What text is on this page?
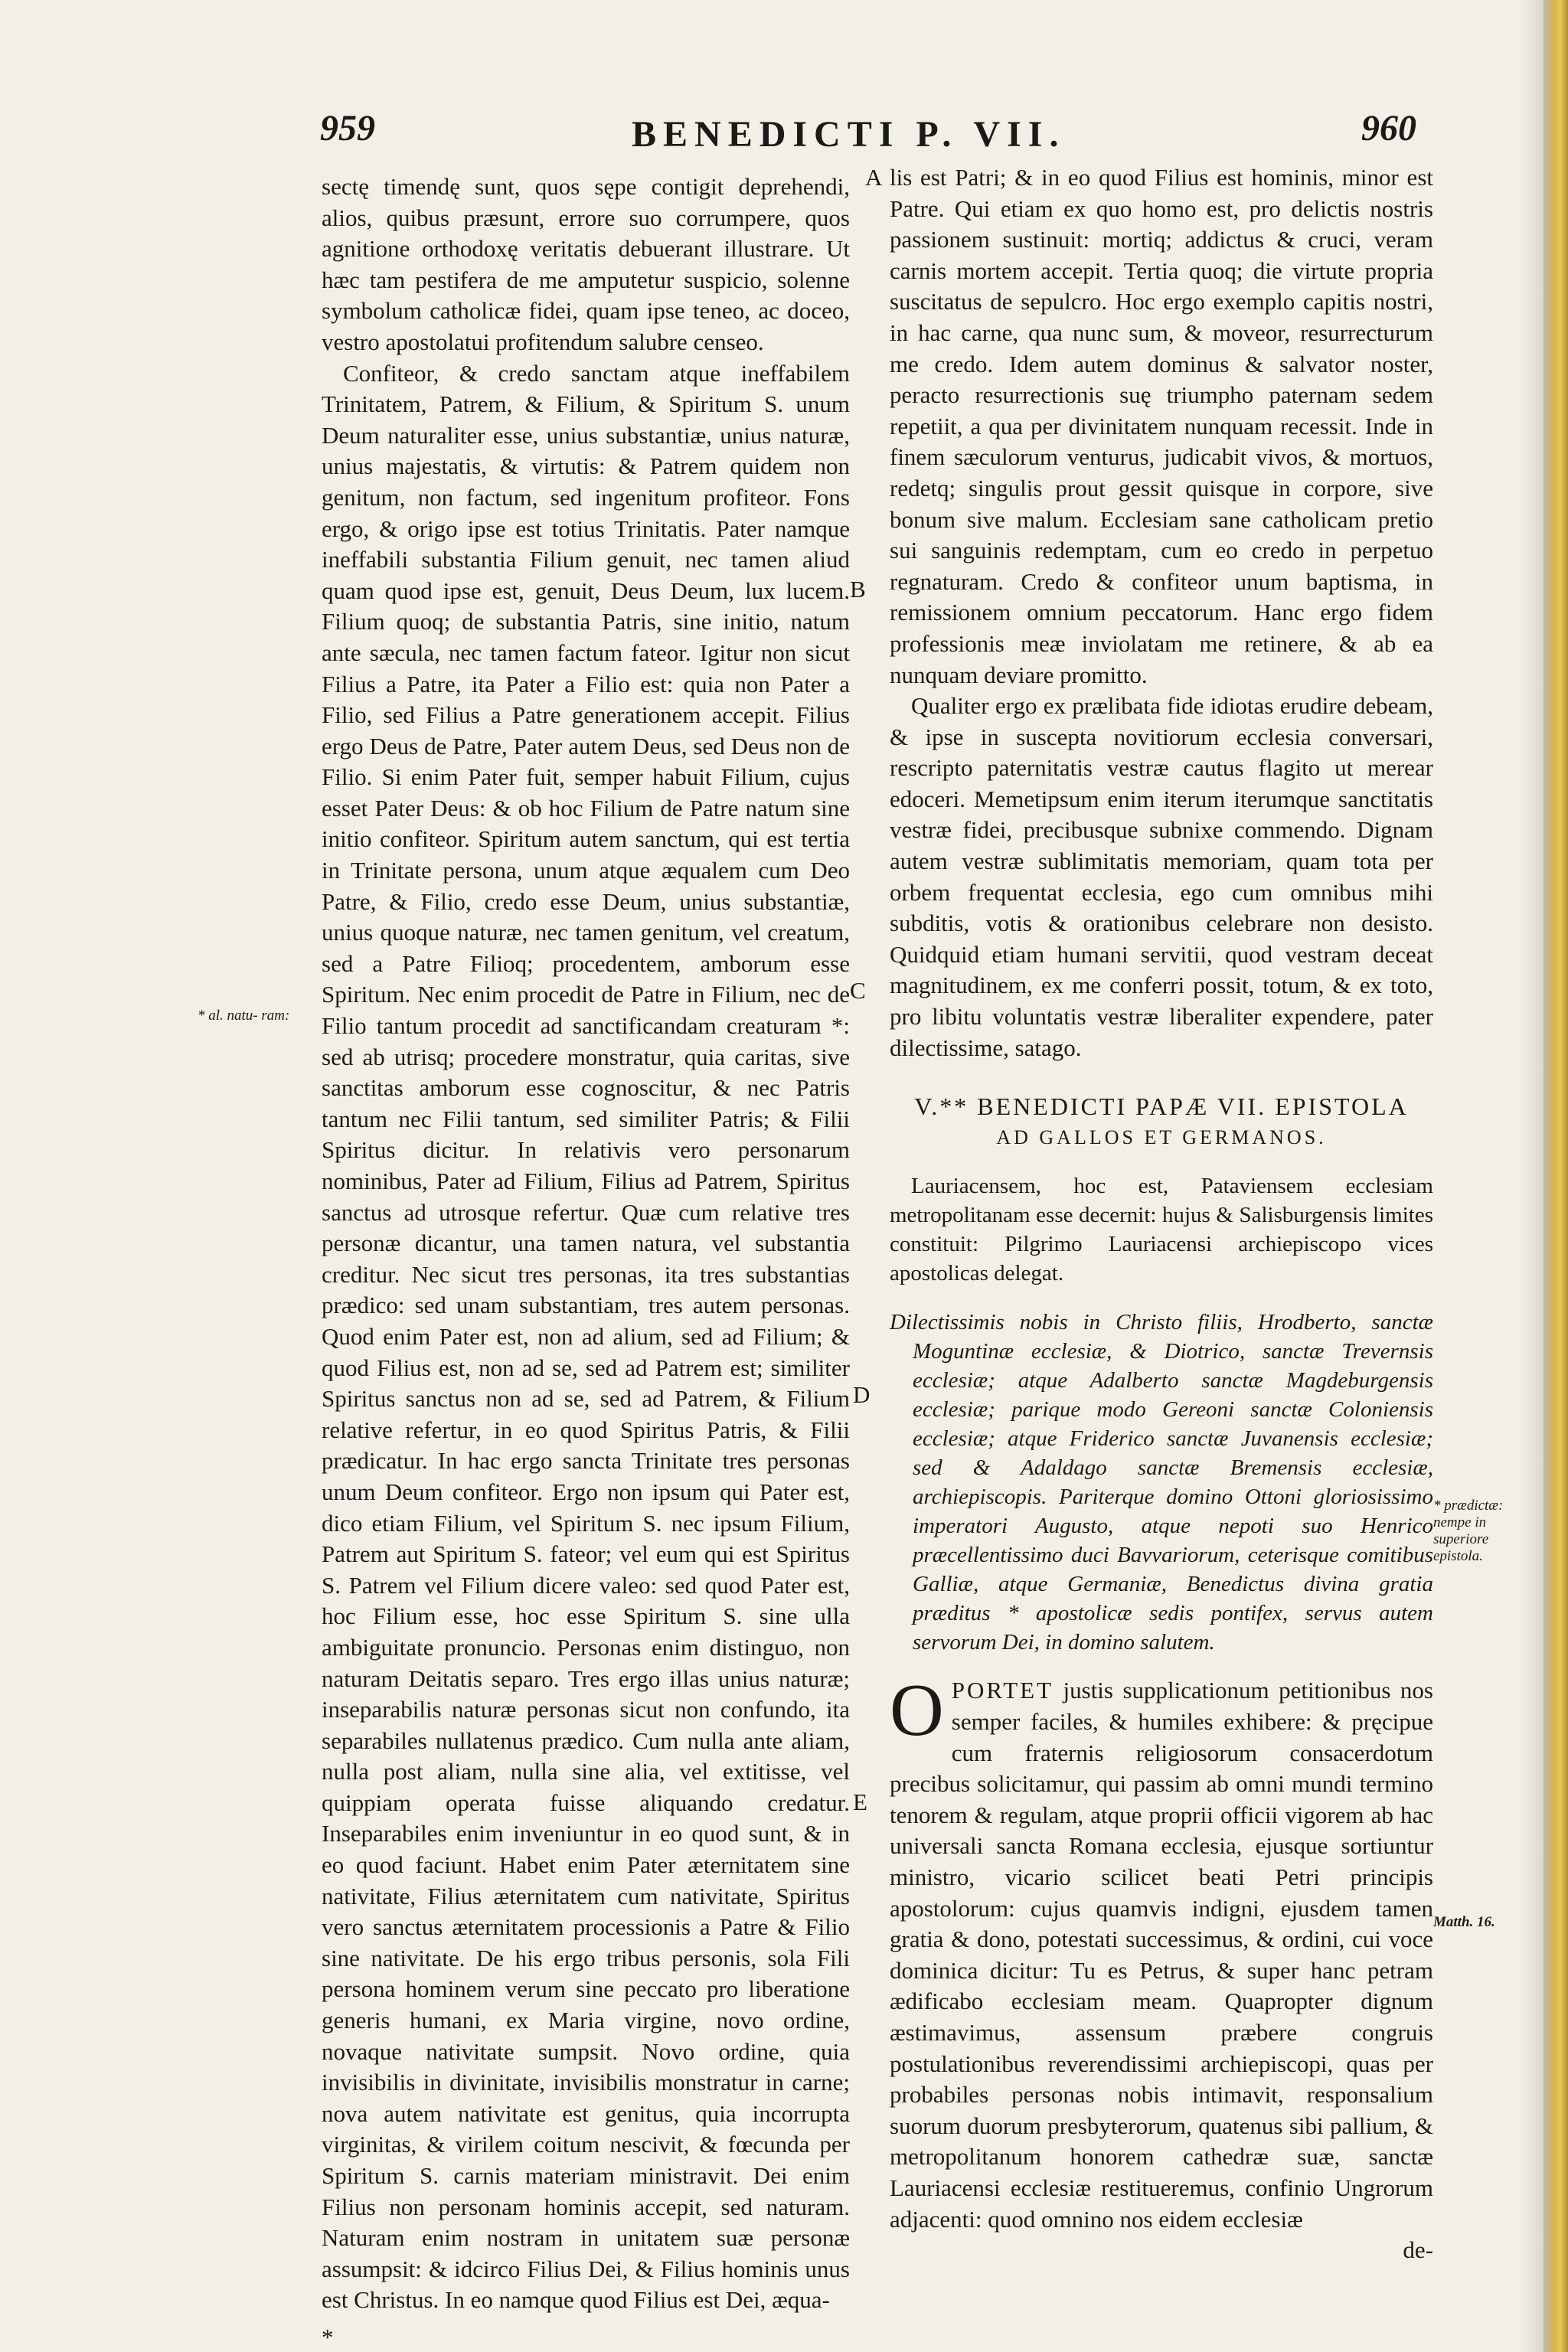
959	BENEDICTI P. VII.	960
B
C
D
E
A
* al. natu- ram:
* prædictæ: nempe in superiore epistola.
Matth. 16.

sectę timendę sunt, quos sępe contigit deprehendi, alios, quibus præsunt, errore suo corrumpere, quos agnitione orthodoxę veritatis debuerant illustrare. Ut hæc tam pestifera de me amputetur suspicio, solenne symbolum catholicæ fidei, quam ipse teneo, ac doceo, vestro apostolatui profitendum salubre censeo.

Confiteor, & credo sanctam atque ineffabilem Trinitatem, Patrem, & Filium, & Spiritum S. unum Deum naturaliter esse, unius substantiæ, unius naturæ, unius majestatis, & virtutis: & Patrem quidem non genitum, non factum, sed ingenitum profiteor. Fons ergo, & origo ipse est totius Trinitatis. Pater namque ineffabili substantia Filium genuit, nec tamen aliud quam quod ipse est, genuit, Deus Deum, lux lucem. Filium quoq; de substantia Patris, sine initio, natum ante sæcula, nec tamen factum fateor. Igitur non sicut Filius a Patre, ita Pater a Filio est: quia non Pater a Filio, sed Filius a Patre generationem accepit. Filius ergo Deus de Patre, Pater autem Deus, sed Deus non de Filio. Si enim Pater fuit, semper habuit Filium, cujus esset Pater Deus: & ob hoc Filium de Patre natum sine initio confiteor. Spiritum autem sanctum, qui est tertia in Trinitate persona, unum atque æqualem cum Deo Patre, & Filio, credo esse Deum, unius substantiæ, unius quoque naturæ, nec tamen genitum, vel creatum, sed a Patre Filioq; procedentem, amborum esse Spiritum. Nec enim procedit de Patre in Filium, nec de Filio tantum procedit ad sanctificandam creaturam *: sed ab utrisq; procedere monstratur, quia caritas, sive sanctitas amborum esse cognoscitur, & nec Patris tantum nec Filii tantum, sed similiter Patris; & Filii Spiritus dicitur. In relativis vero personarum nominibus, Pater ad Filium, Filius ad Patrem, Spiritus sanctus ad utrosque refertur. Quæ cum relative tres personæ dicantur, una tamen natura, vel substantia creditur. Nec sicut tres personas, ita tres substantias prædico: sed unam substantiam, tres autem personas. Quod enim Pater est, non ad alium, sed ad Filium; & quod Filius est, non ad se, sed ad Patrem est; similiter Spiritus sanctus non ad se, sed ad Patrem, & Filium relative refertur, in eo quod Spiritus Patris, & Filii prædicatur. In hac ergo sancta Trinitate tres personas unum Deum confiteor. Ergo non ipsum qui Pater est, dico etiam Filium, vel Spiritum S. nec ipsum Filium, Patrem aut Spiritum S. fateor; vel eum qui est Spiritus S. Patrem vel Filium dicere valeo: sed quod Pater est, hoc Filium esse, hoc esse Spiritum S. sine ulla ambiguitate pronuncio. Personas enim distinguo, non naturam Deitatis separo. Tres ergo illas unius naturæ; inseparabilis naturæ personas sicut non confundo, ita separabiles nullatenus prædico. Cum nulla ante aliam, nulla post aliam, nulla sine alia, vel extitisse, vel quippiam operata fuisse aliquando credatur. Inseparabiles enim inveniuntur in eo quod sunt, & in eo quod faciunt. Habet enim Pater æternitatem sine nativitate, Filius æternitatem cum nativitate, Spiritus vero sanctus æternitatem processionis a Patre & Filio sine nativitate. De his ergo tribus personis, sola Fili persona hominem verum sine peccato pro liberatione generis humani, ex Maria virgine, novo ordine, novaque nativitate sumpsit. Novo ordine, quia invisibilis in divinitate, invisibilis monstratur in carne; nova autem nativitate est genitus, quia incorrupta virginitas, & virilem coitum nescivit, & fœcunda per Spiritum S. carnis materiam ministravit. Dei enim Filius non personam hominis accepit, sed naturam. Naturam enim nostram in unitatem suæ personæ assumpsit: & idcirco Filius Dei, & Filius hominis unus est Christus. In eo namque quod Filius est Dei, æqua-

*

lis est Patri; & in eo quod Filius est hominis, minor est Patre. Qui etiam ex quo homo est, pro delictis nostris passionem sustinuit: mortiq; addictus & cruci, veram carnis mortem accepit. Tertia quoq; die virtute propria suscitatus de sepulcro. Hoc ergo exemplo capitis nostri, in hac carne, qua nunc sum, & moveor, resurrecturum me credo. Idem autem dominus & salvator noster, peracto resurrectionis suę triumpho paternam sedem repetiit, a qua per divinitatem nunquam recessit. Inde in finem sæculorum venturus, judicabit vivos, & mortuos, redetq; singulis prout gessit quisque in corpore, sive bonum sive malum. Ecclesiam sane catholicam pretio sui sanguinis redemptam, cum eo credo in perpetuo regnaturam. Credo & confiteor unum baptisma, in remissionem omnium peccatorum. Hanc ergo fidem professionis meæ inviolatam me retinere, & ab ea nunquam deviare promitto.

Qualiter ergo ex prælibata fide idiotas erudire debeam, & ipse in suscepta novitiorum ecclesia conversari, rescripto paternitatis vestræ cautus flagito ut merear edoceri. Memetipsum enim iterum iterumque sanctitatis vestræ fidei, precibusque subnixe commendo. Dignam autem vestræ sublimitatis memoriam, quam tota per orbem frequentat ecclesia, ego cum omnibus mihi subditis, votis & orationibus celebrare non desisto. Quidquid etiam humani servitii, quod vestram deceat magnitudinem, ex me conferri possit, totum, & ex toto, pro libitu voluntatis vestræ liberaliter expendere, pater dilectissime, satago.

V.** BENEDICTI PAPÆ VII. EPISTOLA

AD GALLOS ET GERMANOS.

Lauriacensem, hoc est, Pataviensem ecclesiam metropolitanam esse decernit: hujus & Salisburgensis limites constituit: Pilgrimo Lauriacensi archiepiscopo vices apostolicas delegat.

Dilectissimis nobis in Christo filiis, Hrodberto, sanctæ Moguntinæ ecclesiæ, & Diotrico, sanctæ Trevernsis ecclesiæ; atque Adalberto sanctæ Magdeburgensis ecclesiæ; parique modo Gereoni sanctæ Coloniensis ecclesiæ; atque Friderico sanctæ Juvanensis ecclesiæ; sed & Adaldago sanctæ Bremensis ecclesiæ, archiepiscopis. Pariterque domino Ottoni gloriosissimo imperatori Augusto, atque nepoti suo Henrico præcellentissimo duci Bavvariorum, ceterisque comitibus Galliæ, atque Germaniæ, Benedictus divina gratia præditus * apostolicæ sedis pontifex, servus autem servorum Dei, in domino salutem.

OPORTET justis supplicationum petitionibus nos semper faciles, & humiles exhibere: & pręcipue cum fraternis religiosorum consacerdotum precibus solicitamur, qui passim ab omni mundi termino tenorem & regulam, atque proprii officii vigorem ab hac universali sancta Romana ecclesia, ejusque sortiuntur ministro, vicario scilicet beati Petri principis apostolorum: cujus quamvis indigni, ejusdem tamen gratia & dono, potestati successimus, & ordini, cui voce dominica dicitur: Tu es Petrus, & super hanc petram ædificabo ecclesiam meam. Quapropter dignum æstimavimus, assensum præbere congruis postulationibus reverendissimi archiepiscopi, quas per probabiles personas nobis intimavit, responsalium suorum duorum presbyterorum, quatenus sibi pallium, & metropolitanum honorem cathedræ suæ, sanctæ Lauriacensi ecclesiæ restitueremus, confinio Ungrorum adjacenti: quod omnino nos eidem ecclesiæ

de-
